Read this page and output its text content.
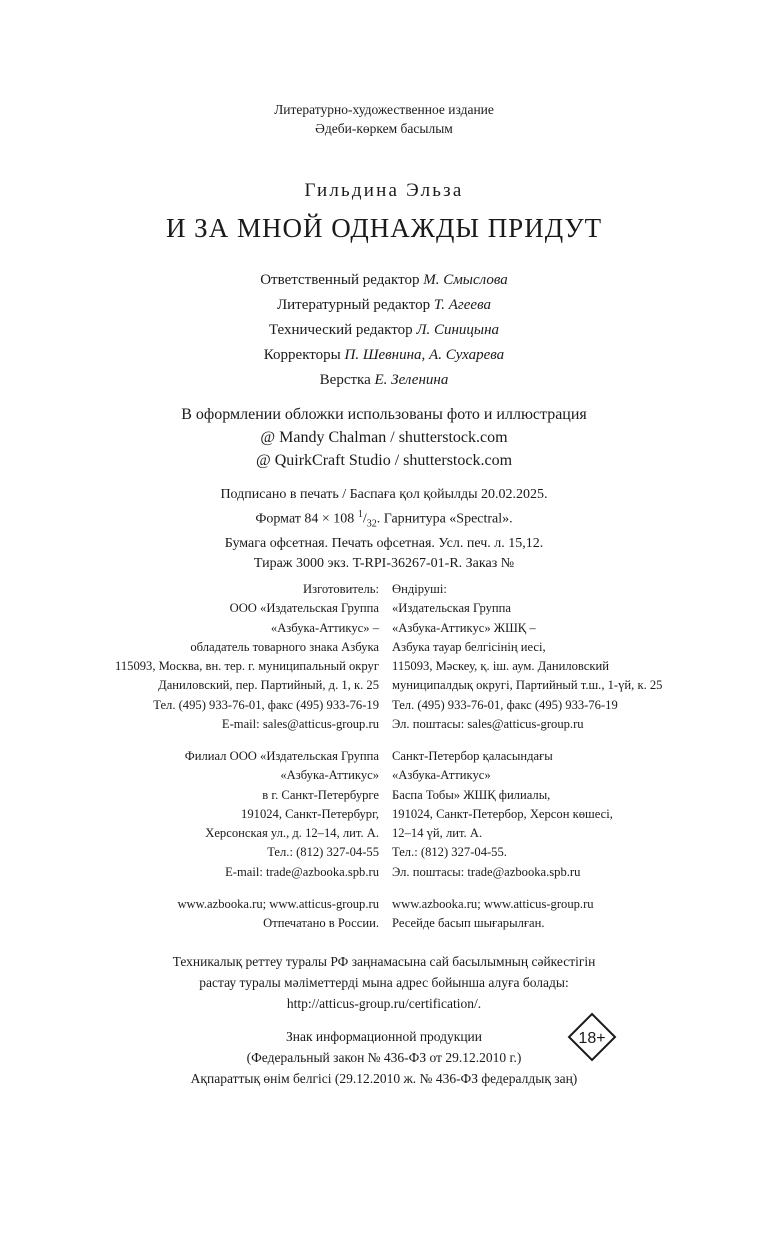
Литературно-художественное издание
Әдеби-көркем басылым
Гильдина Эльза
И ЗА МНОЙ ОДНАЖДЫ ПРИДУТ
Ответственный редактор М. Смыслова
Литературный редактор Т. Агеева
Технический редактор Л. Синицына
Корректоры П. Шевнина, А. Сухарева
Верстка Е. Зеленина
В оформлении обложки использованы фото и иллюстрация
@ Mandy Chalman / shutterstock.com
@ QuirkCraft Studio / shutterstock.com
Подписано в печать / Баспаға қол қойылды 20.02.2025.
Формат 84 × 108 $^1/_{32}$. Гарнитура «Spectral».
Бумага офсетная. Печать офсетная. Усл. печ. л. 15,12.
Тираж 3000 экз. T-RPI-36267-01-R. Заказ №
Изготовитель:	Өндіруші:
ООО «Издательская Группа	«Издательская Группа
«Азбука-Аттикус» –	«Азбука-Аттикус» ЖШҚ –
обладатель товарного знака Азбука	Азбука тауар белгісінің иесі,
115093, Москва, вн. тер. г. муниципальный округ	115093, Мәскеу, қ. іш. аум. Даниловский
Даниловский, пер. Партийный, д. 1, к. 25	муниципалдық округі, Партийный т.ш., 1-үй, к. 25
Тел. (495) 933-76-01, факс (495) 933-76-19	Тел. (495) 933-76-01, факс (495) 933-76-19
E-mail: sales@atticus-group.ru	Эл. поштасы: sales@atticus-group.ru
Филиал ООО «Издательская Группа	Санкт-Петербор қаласындағы
«Азбука-Аттикус»	«Азбука-Аттикус»
в г. Санкт-Петербурге	Баспа Тобы» ЖШҚ филиалы,
191024, Санкт-Петербург,	191024, Санкт-Петербор, Херсон көшесі,
Херсонская ул., д. 12–14, лит. А.	12–14 үй, лит. А.
Тел.: (812) 327-04-55	Тел.: (812) 327-04-55.
E-mail: trade@azbooka.spb.ru	Эл. поштасы: trade@azbooka.spb.ru
www.azbooka.ru; www.atticus-group.ru	www.azbooka.ru; www.atticus-group.ru
Отпечатано в России.	Ресейде басып шығарылған.
Техникалық реттеу туралы РФ заңнамасына сай басылымның сәйкестігін
растау туралы мәліметтерді мына адрес бойынша алуға болады:
http://atticus-group.ru/certification/.
Знак информационной продукции
(Федеральный закон № 436-ФЗ от 29.12.2010 г.)
Ақпараттық өнім белгісі (29.12.2010 ж. № 436-ФЗ федералдық заң)
18+
